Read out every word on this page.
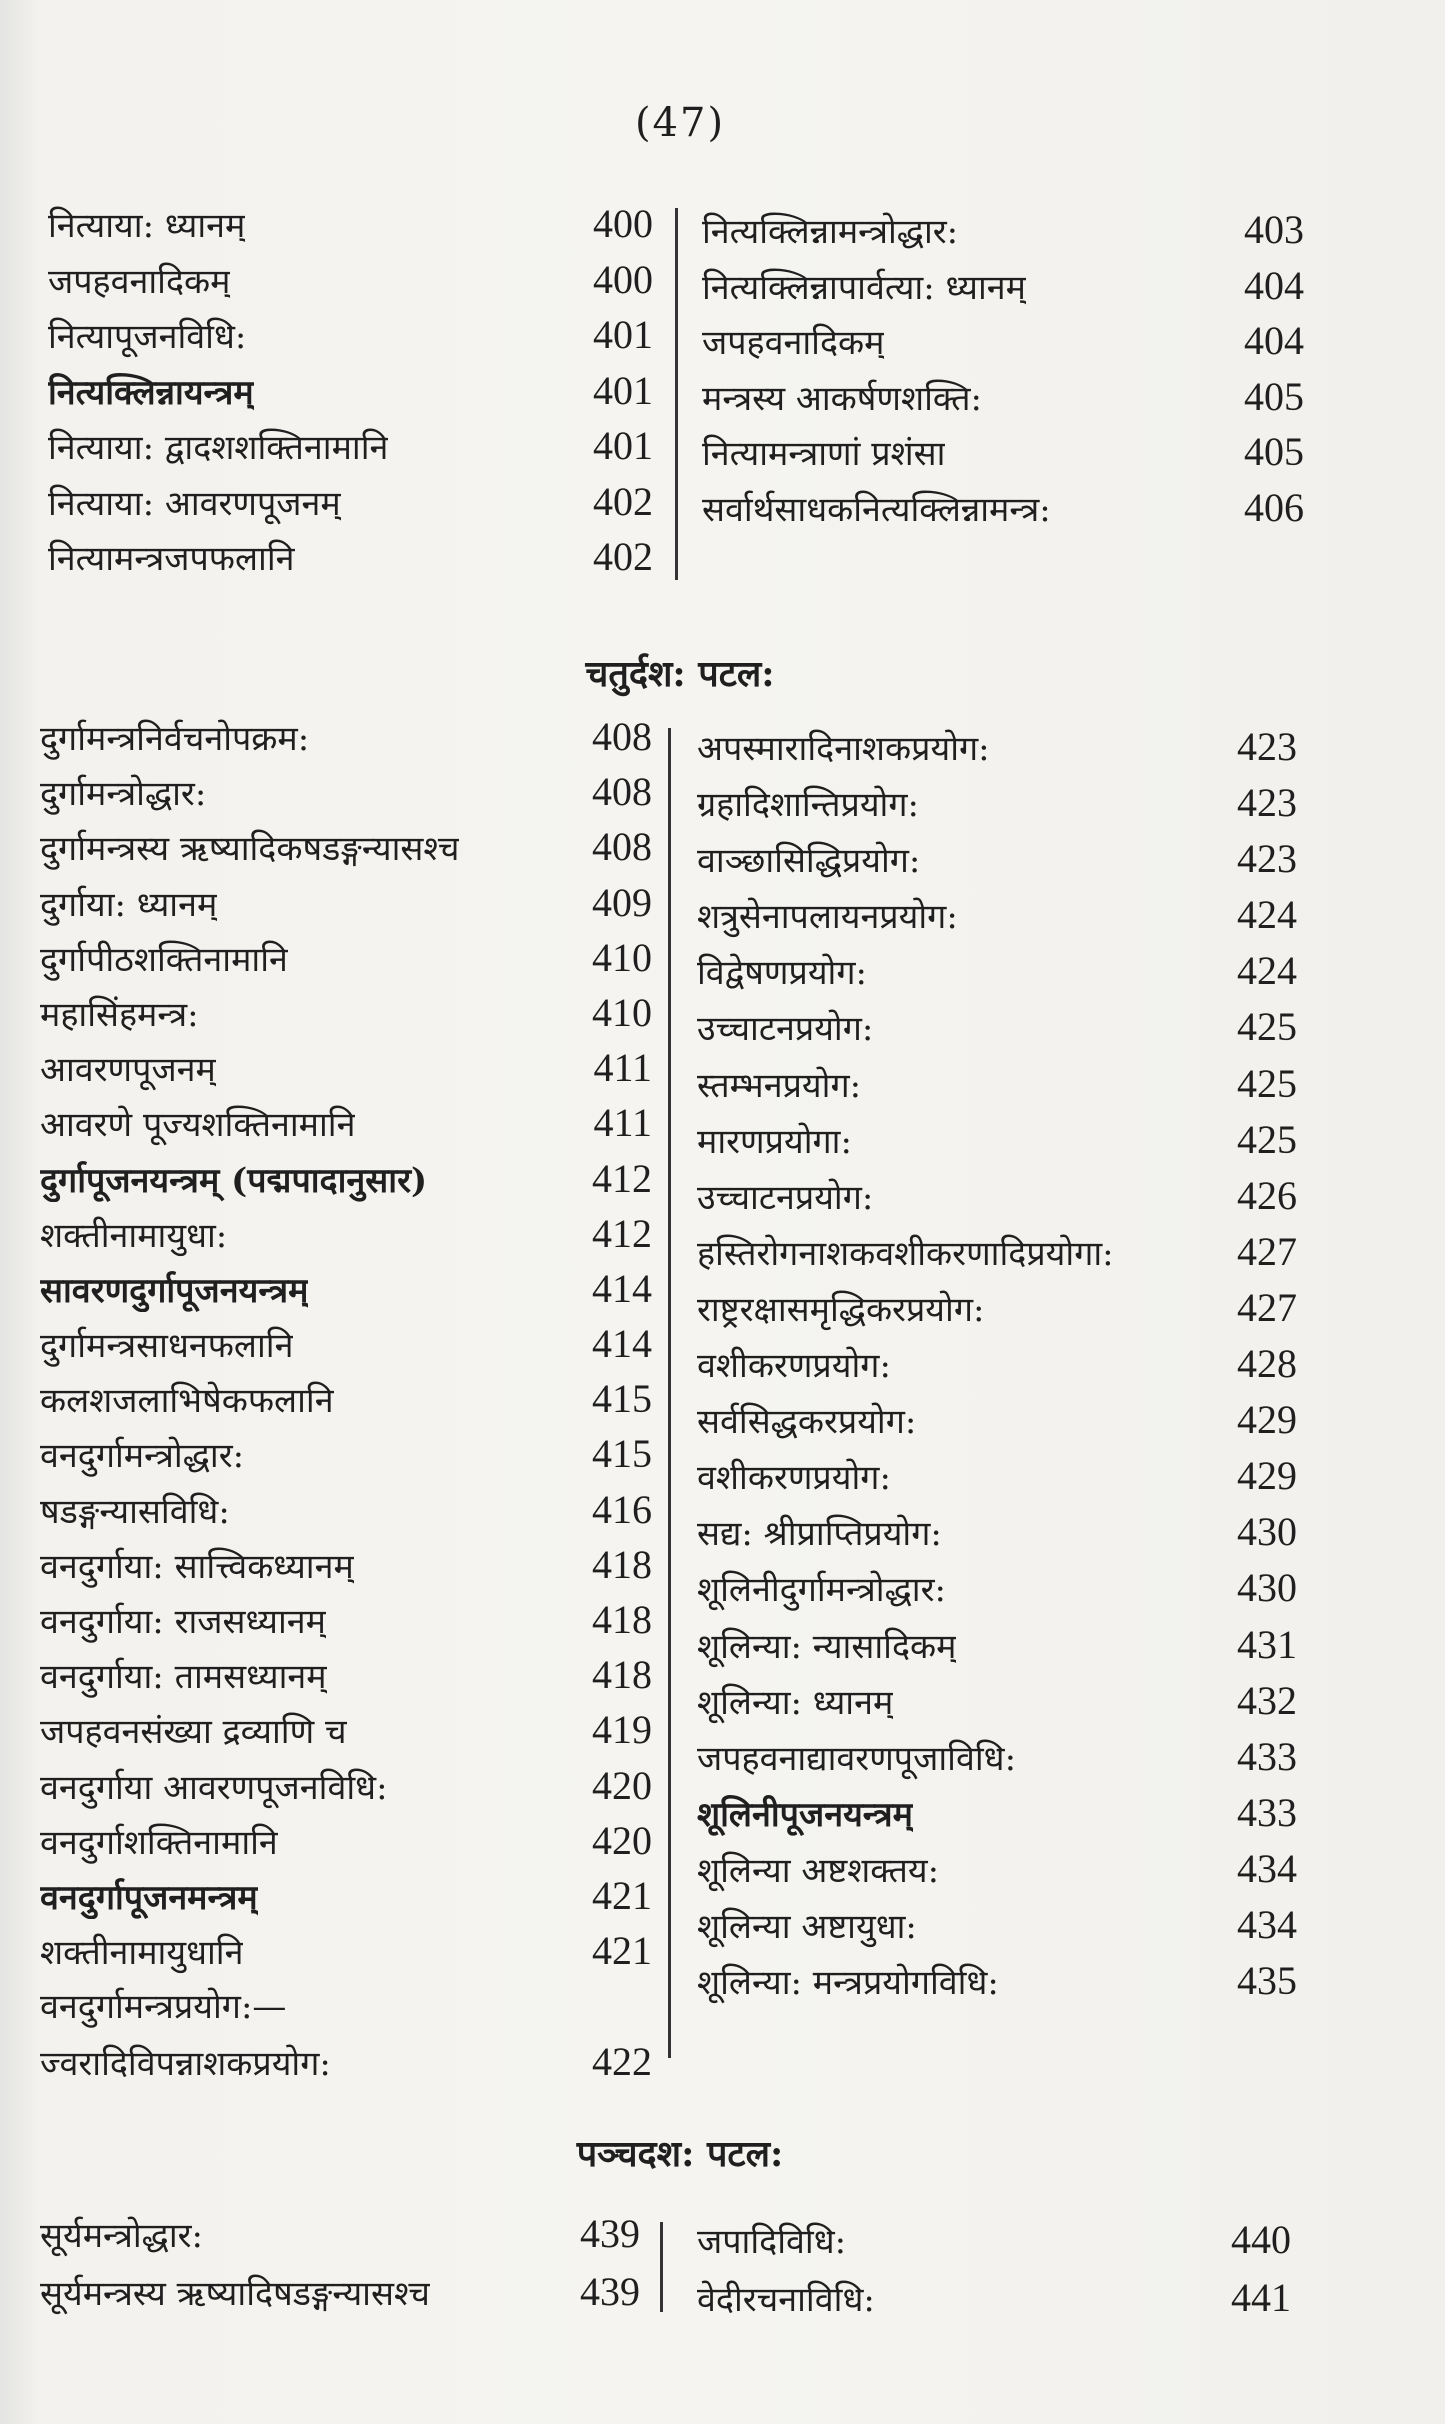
(47)
नित्याया: ध्यानम्	400
जपहवनादिकम्	400
नित्यापूजनविधि:	401
नित्यक्लिन्नायन्त्रम्	401
नित्याया: द्वादशशक्तिनामानि	401
नित्याया: आवरणपूजनम्	402
नित्यामन्त्रजपफलानि	402
नित्यक्लिन्नामन्त्रोद्धार:	403
नित्यक्लिन्नापार्वत्या: ध्यानम्	404
जपहवनादिकम्	404
मन्त्रस्य आकर्षणशक्ति:	405
नित्यामन्त्राणां प्रशंसा	405
सर्वार्थसाधकनित्यक्लिन्नामन्त्र:	406
चतुर्दश: पटल:
दुर्गामन्त्रनिर्वचनोपक्रम:	408
दुर्गामन्त्रोद्धार:	408
दुर्गामन्त्रस्य ऋष्यादिकषडङ्गन्यासश्च	408
दुर्गाया: ध्यानम्	409
दुर्गापीठशक्तिनामानि	410
महासिंहमन्त्र:	410
आवरणपूजनम्	411
आवरणे पूज्यशक्तिनामानि	411
दुर्गापूजनयन्त्रम् (पद्मपादानुसार)	412
शक्तीनामायुधा:	412
सावरणदुर्गापूजनयन्त्रम्	414
दुर्गामन्त्रसाधनफलानि	414
कलशजलाभिषेकफलानि	415
वनदुर्गामन्त्रोद्धार:	415
षडङ्गन्यासविधि:	416
वनदुर्गाया: सात्त्विकध्यानम्	418
वनदुर्गाया: राजसध्यानम्	418
वनदुर्गाया: तामसध्यानम्	418
जपहवनसंख्या द्रव्याणि च	419
वनदुर्गाया आवरणपूजनविधि:	420
वनदुर्गाशक्तिनामानि	420
वनदुर्गापूजनमन्त्रम्	421
शक्तीनामायुधानि	421
वनदुर्गामन्त्रप्रयोग:—
ज्वरादिविपन्नाशकप्रयोग:	422
अपस्मारादिनाशकप्रयोग:	423
ग्रहादिशान्तिप्रयोग:	423
वाञ्छासिद्धिप्रयोग:	423
शत्रुसेनापलायनप्रयोग:	424
विद्वेषणप्रयोग:	424
उच्चाटनप्रयोग:	425
स्तम्भनप्रयोग:	425
मारणप्रयोगा:	425
उच्चाटनप्रयोग:	426
हस्तिरोगनाशकवशीकरणादिप्रयोगा:	427
राष्ट्ररक्षासमृद्धिकरप्रयोग:	427
वशीकरणप्रयोग:	428
सर्वसिद्धकरप्रयोग:	429
वशीकरणप्रयोग:	429
सद्य: श्रीप्राप्तिप्रयोग:	430
शूलिनीदुर्गामन्त्रोद्धार:	430
शूलिन्या: न्यासादिकम्	431
शूलिन्या: ध्यानम्	432
जपहवनाद्यावरणपूजाविधि:	433
शूलिनीपूजनयन्त्रम्	433
शूलिन्या अष्टशक्तय:	434
शूलिन्या अष्टायुधा:	434
शूलिन्या: मन्त्रप्रयोगविधि:	435
पञ्चदश: पटल:
सूर्यमन्त्रोद्धार:	439
सूर्यमन्त्रस्य ऋष्यादिषडङ्गन्यासश्च	439
जपादिविधि:	440
वेदीरचनाविधि:	441
